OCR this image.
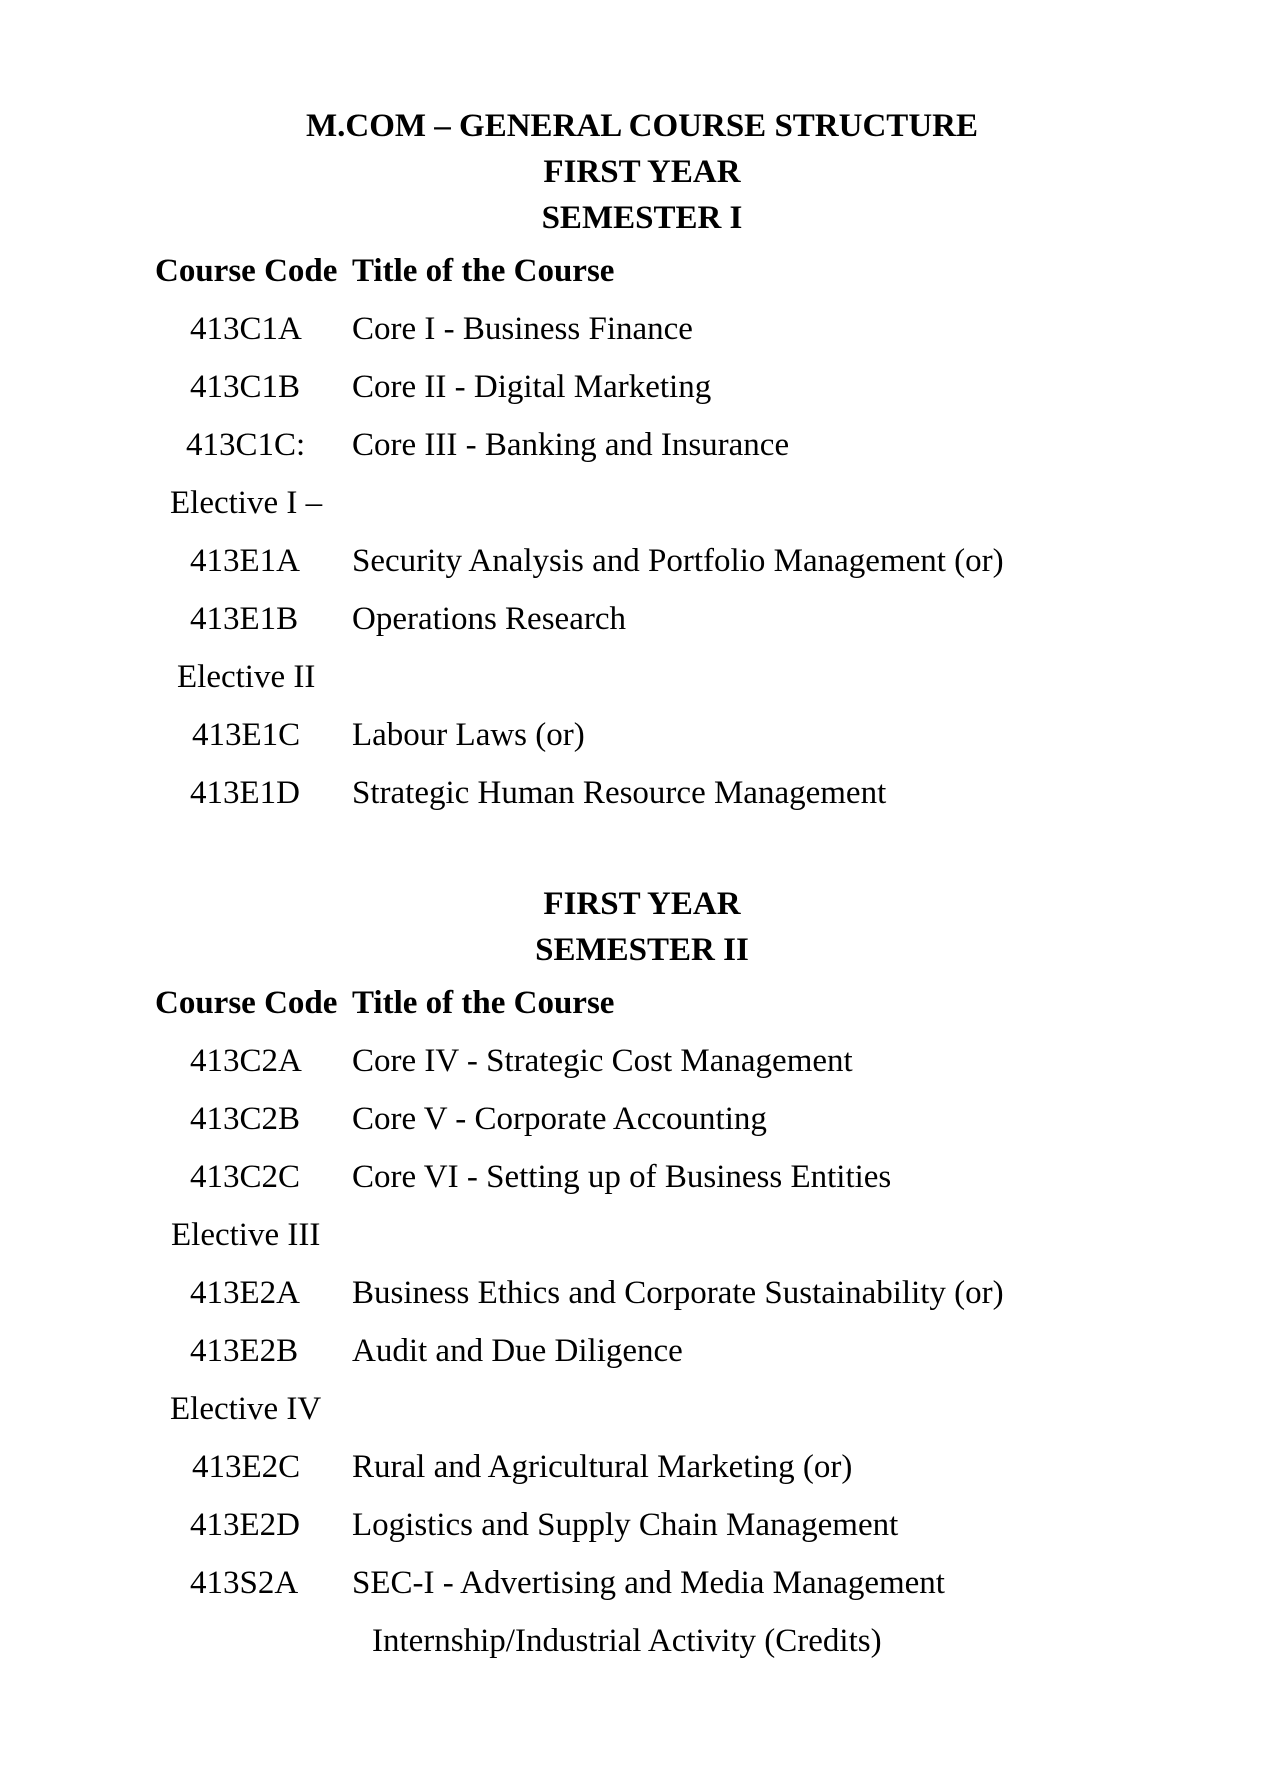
M.COM – GENERAL COURSE STRUCTURE
FIRST YEAR
SEMESTER I
Course Code Title of the Course
413C1A Core I - Business Finance
413C1B Core II - Digital Marketing
413C1C: Core III - Banking and Insurance
Elective I –
413E1A Security Analysis and Portfolio Management (or)
413E1B Operations Research
Elective II
413E1C Labour Laws (or)
413E1D Strategic Human Resource Management
FIRST YEAR
SEMESTER II
Course Code Title of the Course
413C2A Core IV - Strategic Cost Management
413C2B Core V - Corporate Accounting
413C2C Core VI - Setting up of Business Entities
Elective III
413E2A Business Ethics and Corporate Sustainability (or)
413E2B Audit and Due Diligence
Elective IV
413E2C Rural and Agricultural Marketing (or)
413E2D Logistics and Supply Chain Management
413S2A SEC-I - Advertising and Media Management
Internship/Industrial Activity (Credits)
